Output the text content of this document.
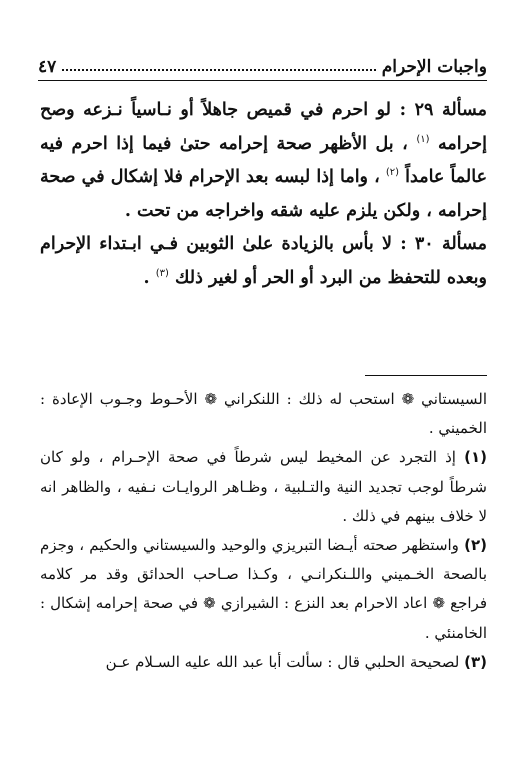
واجبات الإحرام
٤٧

مسألة ٢٩ : لو احرم في قميص جاهلاً أو نـاسياً نـزعه وصح إحرامه $^{(١)}$ ، بل الأظهر صحة إحرامه حتىٰ فيما إذا احرم فيه عالماً عامداً $^{(٢)}$ ، واما إذا لبسه بعد الإحرام فلا إشكال في صحة إحرامه ، ولكن يلزم عليه شقه واخراجه من تحت .

مسألة ٣٠ : لا بأس بالزيادة علىٰ الثوبين فـي ابـتداء الإحرام وبعده للتحفظ من البرد أو الحر أو لغير ذلك $^{(٣)}$ .

السيستاني ❁ استحب له ذلك : اللنكراني ❁ الأحـوط وجـوب الإعادة : الخميني .

(١) إذ التجرد عن المخيط ليس شرطاً في صحة الإحـرام ، ولو كان شرطاً لوجب تجديد النية والتـلبية ، وظـاهر الروايـات نـفيه ، والظاهر انه لا خلاف بينهم في ذلك .

(٢) واستظهر صحته أيـضا التبريزي والوحيد والسيستاني والحكيم ، وجزم بالصحة الخـميني واللـنكرانـي ، وكـذا صـاحب الحدائق وقد مر كلامه فراجع ❁ اعاد الاحرام بعد النزع : الشيرازي ❁ في صحة إحرامه إشكال : الخامنئي .

(٣) لصحيحة الحلبي قال : سألت أبا عبد الله عليه السـلام عـن
